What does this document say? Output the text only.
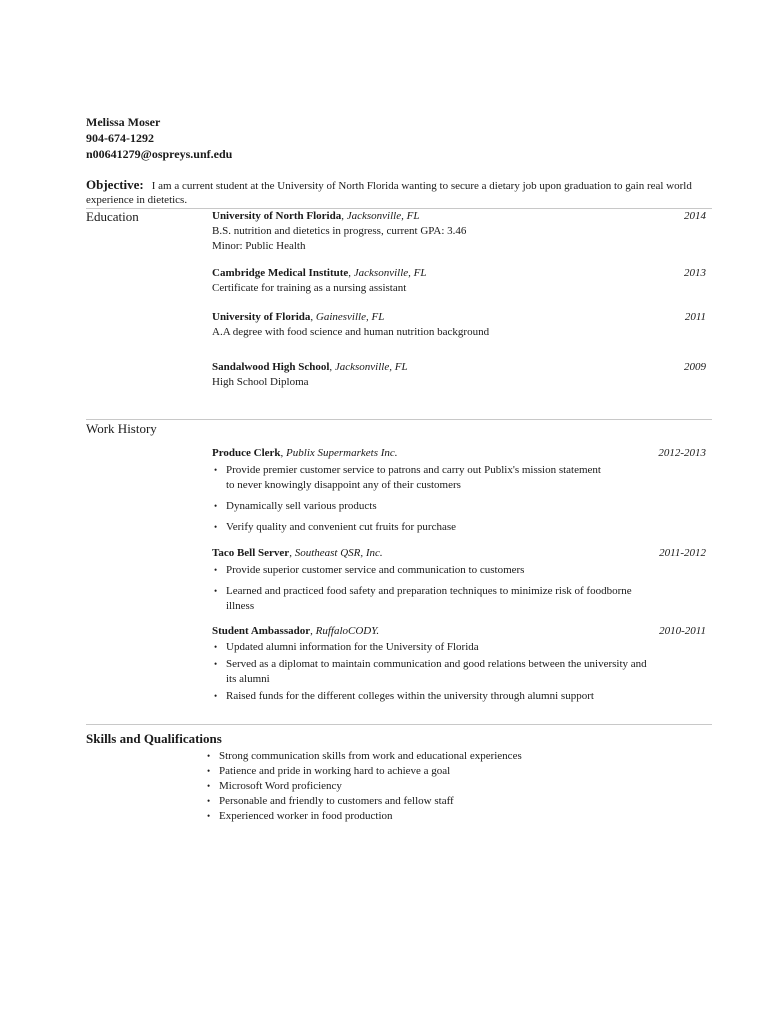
Melissa Moser
904-674-1292
n00641279@ospreys.unf.edu
Objective: I am a current student at the University of North Florida wanting to secure a dietary job upon graduation to gain real world experience in dietetics.
Education	University of North Florida, Jacksonville, FL	2014
B.S. nutrition and dietetics in progress, current GPA: 3.46
Minor: Public Health
Cambridge Medical Institute, Jacksonville, FL	2013
Certificate for training as a nursing assistant
University of Florida, Gainesville, FL	2011
A.A degree with food science and human nutrition background
Sandalwood High School, Jacksonville, FL	2009
High School Diploma
Work History
Produce Clerk, Publix Supermarkets Inc.	2012-2013
• Provide premier customer service to patrons and carry out Publix's mission statement to never knowingly disappoint any of their customers
• Dynamically sell various products
• Verify quality and convenient cut fruits for purchase
Taco Bell Server, Southeast QSR, Inc.	2011-2012
• Provide superior customer service and communication to customers
• Learned and practiced food safety and preparation techniques to minimize risk of foodborne illness
Student Ambassador, RuffaloCODY.	2010-2011
• Updated alumni information for the University of Florida
• Served as a diplomat to maintain communication and good relations between the university and its alumni
• Raised funds for the different colleges within the university through alumni support
Skills and Qualifications
• Strong communication skills from work and educational experiences
• Patience and pride in working hard to achieve a goal
• Microsoft Word proficiency
• Personable and friendly to customers and fellow staff
• Experienced worker in food production
